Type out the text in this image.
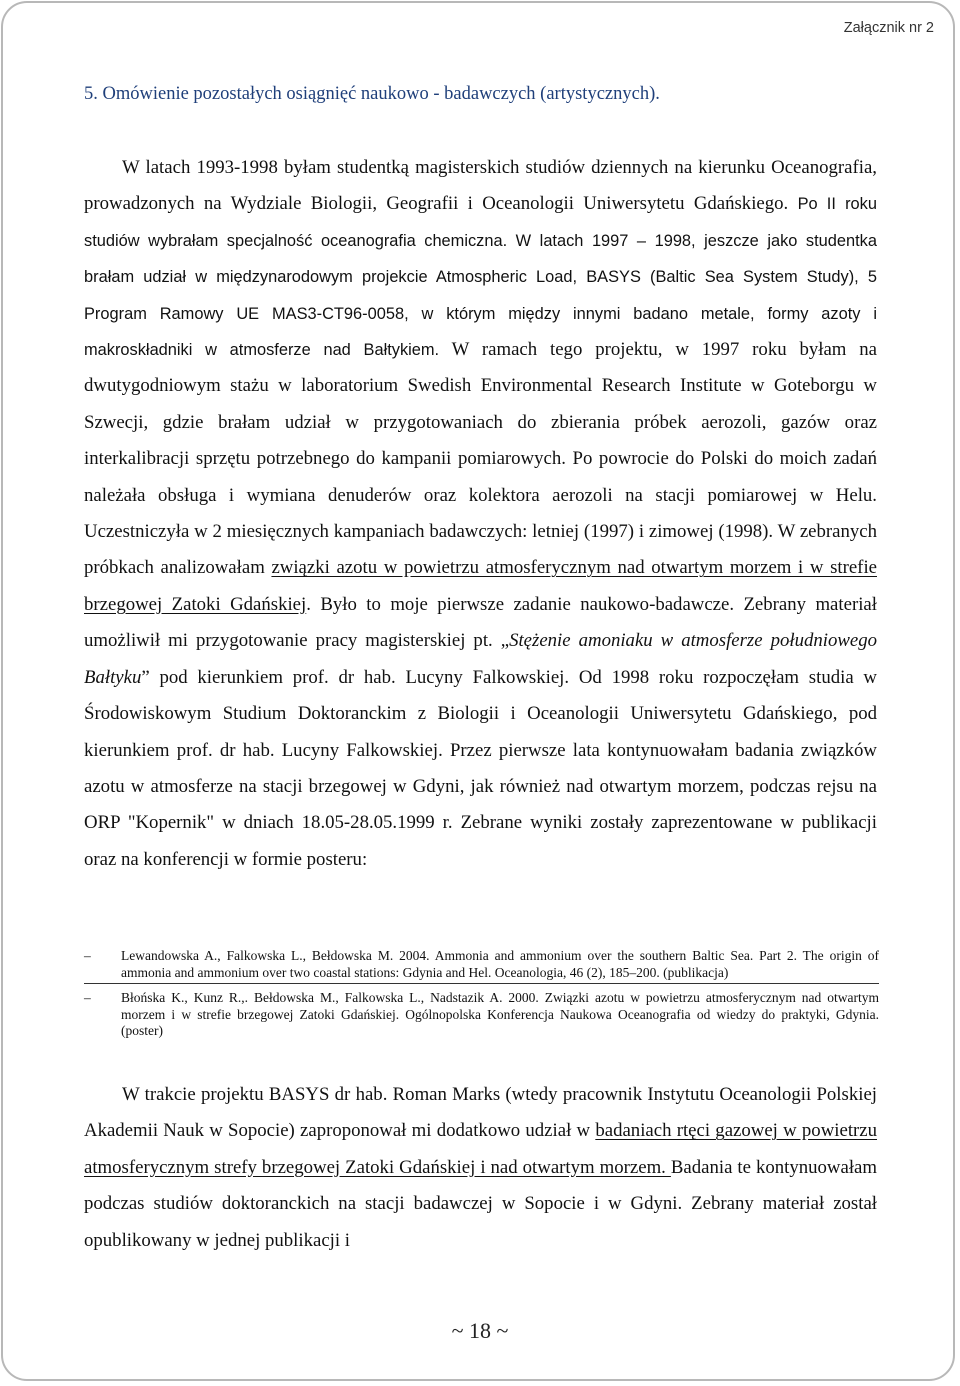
Załącznik nr 2
5. Omówienie pozostałych osiągnięć naukowo - badawczych (artystycznych).

W latach 1993-1998 byłam studentką magisterskich studiów dziennych na kierunku Oceanografia, prowadzonych na Wydziale Biologii, Geografii i Oceanologii Uniwersytetu Gdańskiego. Po II roku studiów wybrałam specjalność oceanografia chemiczna. W latach 1997 – 1998, jeszcze jako studentka brałam udział w międzynarodowym projekcie Atmospheric Load, BASYS (Baltic Sea System Study), 5 Program Ramowy UE MAS3-CT96-0058, w którym między innymi badano metale, formy azoty i makroskładniki w atmosferze nad Bałtykiem. W ramach tego projektu, w 1997 roku byłam na dwutygodniowym stażu w laboratorium Swedish Environmental Research Institute w Goteborgu w Szwecji, gdzie brałam udział w przygotowaniach do zbierania próbek aerozoli, gazów oraz interkalibracji sprzętu potrzebnego do kampanii pomiarowych. Po powrocie do Polski do moich zadań należała obsługa i wymiana denuderów oraz kolektora aerozoli na stacji pomiarowej w Helu. Uczestniczyła w 2 miesięcznych kampaniach badawczych: letniej (1997) i zimowej (1998). W zebranych próbkach analizowałam związki azotu w powietrzu atmosferycznym nad otwartym morzem i w strefie brzegowej Zatoki Gdańskiej. Było to moje pierwsze zadanie naukowo-badawcze. Zebrany materiał umożliwił mi przygotowanie pracy magisterskiej pt. „Stężenie amoniaku w atmosferze południowego Bałtyku” pod kierunkiem prof. dr hab. Lucyny Falkowskiej. Od 1998 roku rozpoczęłam studia w Środowiskowym Studium Doktoranckim z Biologii i Oceanologii Uniwersytetu Gdańskiego, pod kierunkiem prof. dr hab. Lucyny Falkowskiej. Przez pierwsze lata kontynuowałam badania związków azotu w atmosferze na stacji brzegowej w Gdyni, jak również nad otwartym morzem, podczas rejsu na ORP "Kopernik" w dniach 18.05-28.05.1999 r. Zebrane wyniki zostały zaprezentowane w publikacji oraz na konferencji w formie posteru:

– Lewandowska A., Falkowska L., Bełdowska M. 2004. Ammonia and ammonium over the southern Baltic Sea. Part 2. The origin of ammonia and ammonium over two coastal stations: Gdynia and Hel. Oceanologia, 46 (2), 185–200. (publikacja)
– Błońska K., Kunz R.,. Bełdowska M., Falkowska L., Nadstazik A. 2000. Związki azotu w powietrzu atmosferycznym nad otwartym morzem i w strefie brzegowej Zatoki Gdańskiej. Ogólnopolska Konferencja Naukowa Oceanografia od wiedzy do praktyki, Gdynia. (poster)

W trakcie projektu BASYS dr hab. Roman Marks (wtedy pracownik Instytutu Oceanologii Polskiej Akademii Nauk w Sopocie) zaproponował mi dodatkowo udział w badaniach rtęci gazowej w powietrzu atmosferycznym strefy brzegowej Zatoki Gdańskiej i nad otwartym morzem. Badania te kontynuowałam podczas studiów doktoranckich na stacji badawczej w Sopocie i w Gdyni. Zebrany materiał został opublikowany w jednej publikacji i

~ 18 ~
